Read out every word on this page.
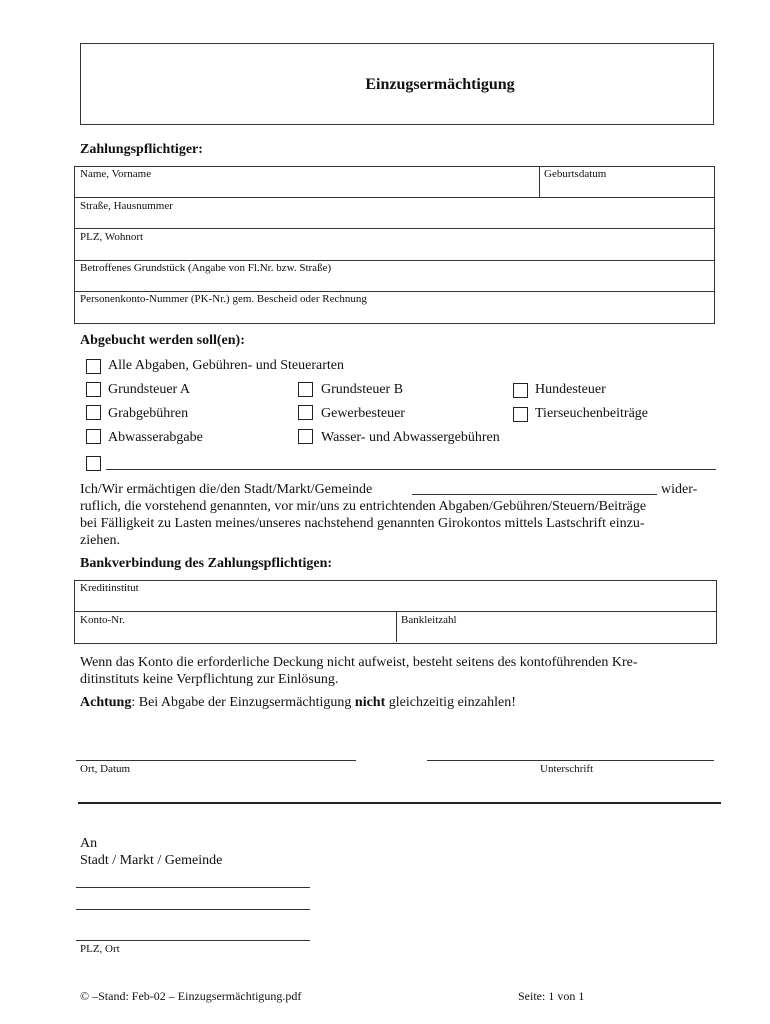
Einzugsermächtigung
Zahlungspflichtiger:
Name, Vorname	Geburtsdatum
Straße, Hausnummer
PLZ, Wohnort
Betroffenes Grundstück (Angabe von Fl.Nr. bzw. Straße)
Personenkonto-Nummer (PK-Nr.) gem. Bescheid oder Rechnung
Abgebucht werden soll(en):
Alle Abgaben, Gebühren- und Steuerarten
Grundsteuer A	Grundsteuer B	Hundesteuer
Grabgebühren	Gewerbesteuer	Tierseuchenbeiträge
Abwasserabgabe	Wasser- und Abwassergebühren
Ich/Wir ermächtigen die/den Stadt/Markt/Gemeinde	wider-
ruflich, die vorstehend genannten, vor mir/uns zu entrichtenden Abgaben/Gebühren/Steuern/Beiträge
bei Fälligkeit zu Lasten meines/unseres nachstehend genannten Girokontos mittels Lastschrift einzu-
ziehen.
Bankverbindung des Zahlungspflichtigen:
Kreditinstitut
Konto-Nr.	Bankleitzahl
Wenn das Konto die erforderliche Deckung nicht aufweist, besteht seitens des kontoführenden Kre-
ditinstituts keine Verpflichtung zur Einlösung.
Achtung: Bei Abgabe der Einzugsermächtigung nicht gleichzeitig einzahlen!
Ort, Datum	Unterschrift
An
Stadt / Markt / Gemeinde
PLZ, Ort
© –Stand: Feb-02 – Einzugsermächtigung.pdf	Seite: 1 von 1
